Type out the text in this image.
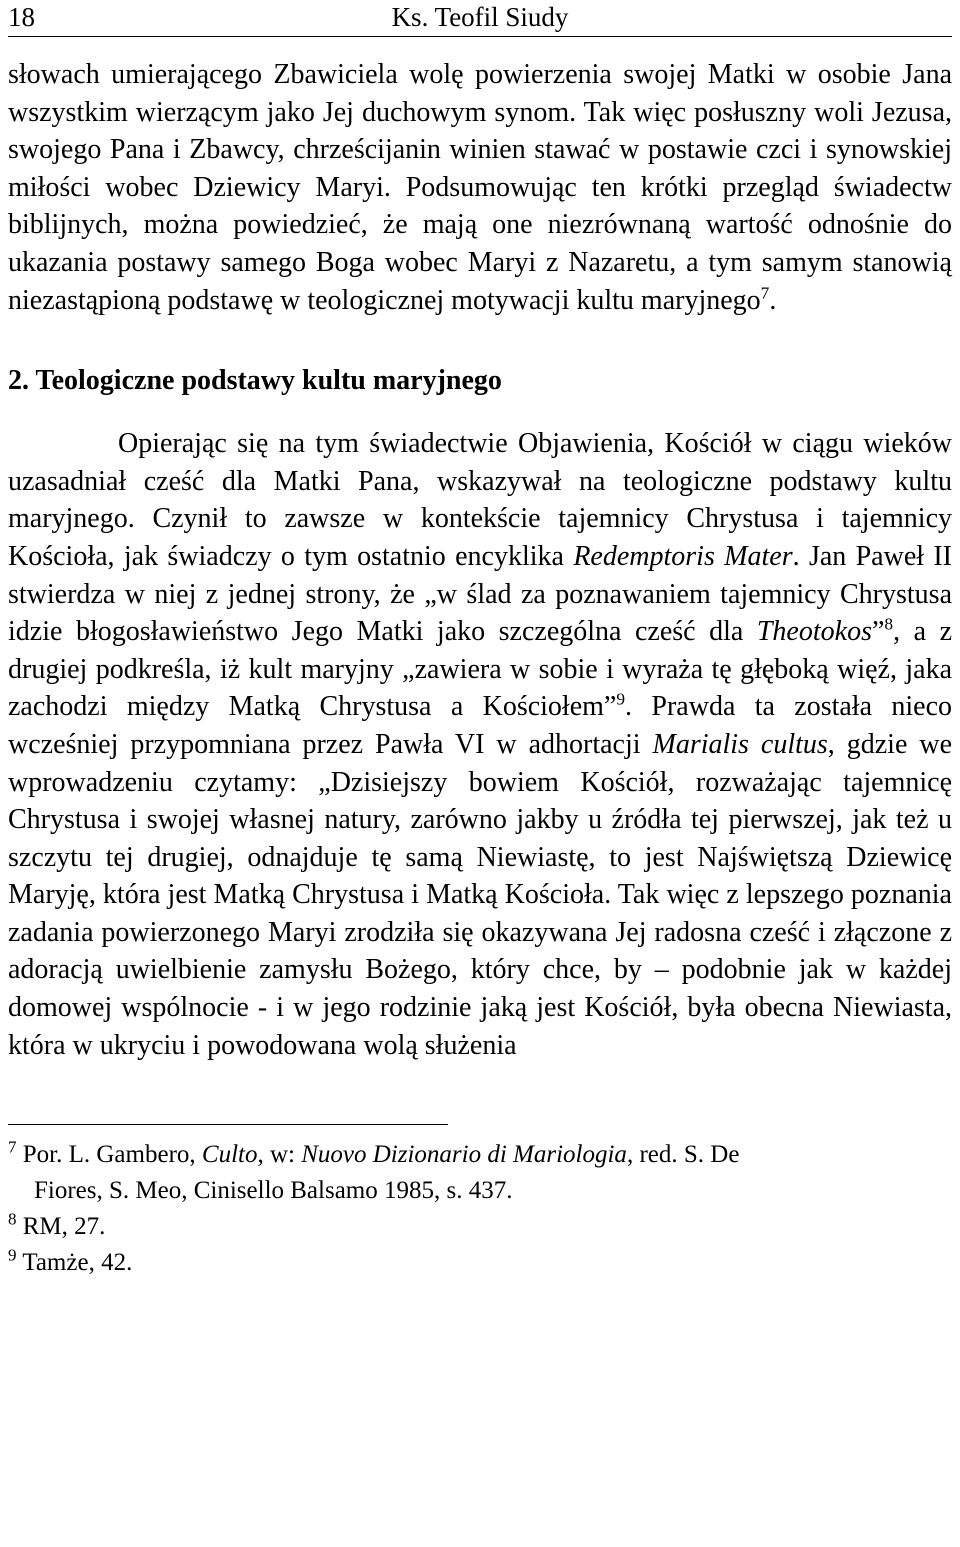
18	Ks. Teofil Siudy

słowach umierającego Zbawiciela wolę powierzenia swojej Matki w osobie Jana wszystkim wierzącym jako Jej duchowym synom. Tak więc posłuszny woli Jezusa, swojego Pana i Zbawcy, chrześcijanin winien stawać w postawie czci i synowskiej miłości wobec Dziewicy Maryi. Podsumowując ten krótki przegląd świadectw biblijnych, można powiedzieć, że mają one niezrównaną wartość odnośnie do ukazania postawy samego Boga wobec Maryi z Nazaretu, a tym samym stanowią niezastąpioną podstawę w teologicznej motywacji kultu maryjnego$^7$.

2. Teologiczne podstawy kultu maryjnego

Opierając się na tym świadectwie Objawienia, Kościół w ciągu wieków uzasadniał cześć dla Matki Pana, wskazywał na teologiczne podstawy kultu maryjnego. Czynił to zawsze w kontekście tajemnicy Chrystusa i tajemnicy Kościoła, jak świadczy o tym ostatnio encyklika Redemptoris Mater. Jan Paweł II stwierdza w niej z jednej strony, że „w ślad za poznawaniem tajemnicy Chrystusa idzie błogosławieństwo Jego Matki jako szczególna cześć dla Theotokos”$^8$, a z drugiej podkreśla, iż kult maryjny „zawiera w sobie i wyraża tę głęboką więź, jaka zachodzi między Matką Chrystusa a Kościołem”$^9$. Prawda ta została nieco wcześniej przypomniana przez Pawła VI w adhortacji Marialis cultus, gdzie we wprowadzeniu czytamy: „Dzisiejszy bowiem Kościół, rozważając tajemnicę Chrystusa i swojej własnej natury, zarówno jakby u źródła tej pierwszej, jak też u szczytu tej drugiej, odnajduje tę samą Niewiastę, to jest Najświętszą Dziewicę Maryję, która jest Matką Chrystusa i Matką Kościoła. Tak więc z lepszego poznania zadania powierzonego Maryi zrodziła się okazywana Jej radosna cześć i złączone z adoracją uwielbienie zamysłu Bożego, który chce, by – podobnie jak w każdej domowej wspólnocie - i w jego rodzinie jaką jest Kościół, była obecna Niewiasta, która w ukryciu i powodowana wolą służenia

$^7$ Por. L. Gambero, Culto, w: Nuovo Dizionario di Mariologia, red. S. De

Fiores, S. Meo, Cinisello Balsamo 1985, s. 437.

$^8$ RM, 27.

$^9$ Tamże, 42.
